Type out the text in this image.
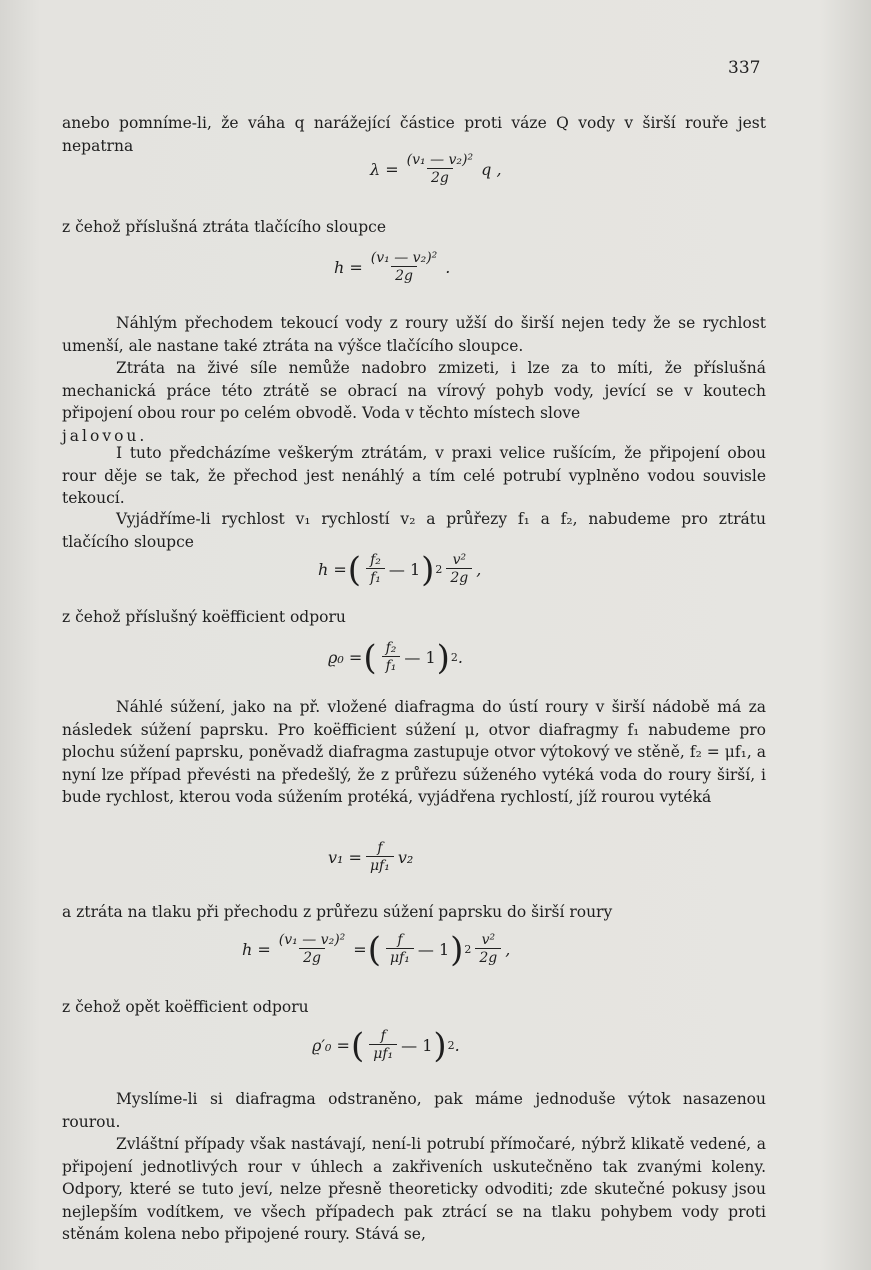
337

anebo pomníme-li, že váha q narážející částice proti váze Q vody v širší rouře jest nepatrna

$\lambda = \frac{\text{(v₁ — v₂)²}}{2g}$ q ,

z čehož příslušná ztráta tlačícího sloupce

$h = \frac{\text{(v₁ — v₂)²}}{2g}$ .

Náhlým přechodem tekoucí vody z roury užší do širší nejen tedy že se rychlost umenší, ale nastane také ztráta na výšce tlačícího sloupce.

Ztráta na živé síle nemůže nadobro zmizeti, i lze za to míti, že příslušná mechanická práce této ztrátě se obrací na vírový pohyb vody, jevící se v koutech připojení obou rour po celém obvodě. Voda v těchto místech slove
jalovou.

I tuto předcházíme veškerým ztrátám, v praxi velice rušícím, že připojení obou rour děje se tak, že přechod jest nenáhlý a tím celé potrubí vyplněno vodou souvisle tekoucí.

Vyjádříme-li rychlost v₁ rychlostí v₂ a průřezy f₁ a f₂, nabudeme pro ztrátu tlačícího sloupce

h = ( $\frac{\text{f₂}}{\text{f₁}}$ — 1 ) $2 \frac{\text{v²}}{2g}$ ,

z čehož příslušný koëfficient odporu

ϱ₀ = ( $\frac{\text{f₂}}{\text{f₁}}$ — 1 ) 2 .

Náhlé súžení, jako na př. vložené diafragma do ústí roury v širší nádobě má za následek súžení paprsku. Pro koëfficient súžení μ, otvor diafragmy f₁ nabudeme pro plochu súžení paprsku, poněvadž diafragma zastupuje otvor výtokový ve stěně, f₂ = μf₁, a nyní lze případ převésti na předešlý, že z průřezu súženého vytéká voda do roury širší, i bude rychlost, kterou voda súžením protéká, vyjádřena rychlostí, jíž rourou vytéká

$v_1 = \frac{f}{\text{μf₁}} v_2$

a ztráta na tlaku při přechodu z průřezu súžení paprsku do širší roury

$h = \frac{\text{(v₁ — v₂)²}}{2g}$ = ( $\frac{f}{\text{μf₁}}$ — 1 ) $2 \frac{\text{v²}}{2g}$ ,

z čehož opět koëfficient odporu

ϱ′₀ = ( $\frac{f}{\text{μf₁}}$ — 1 ) 2 .

Myslíme-li si diafragma odstraněno, pak máme jednoduše výtok nasazenou rourou.

Zvláštní případy však nastávají, není-li potrubí přímočaré, nýbrž klikatě vedené, a připojení jednotlivých rour v úhlech a zakřiveních uskutečněno tak zvanými koleny. Odpory, které se tuto jeví, nelze přesně theoreticky odvoditi; zde skutečné pokusy jsou nejlepším vodítkem, ve všech případech pak ztrácí se na tlaku pohybem vody proti stěnám kolena nebo připojené roury. Stává se,
